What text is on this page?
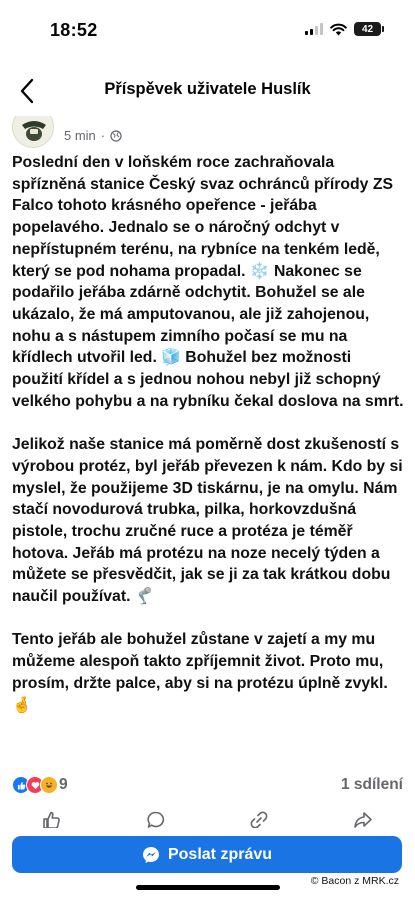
18:52	42
Příspěvek uživatele Huslík
5 min ·

Poslední den v loňském roce zachraňovala spřízněná stanice Český svaz ochránců přírody ZS Falco tohoto krásného opeřence - jeřába popelavého. Jednalo se o náročný odchyt v nepřístupném terénu, na rybníce na tenkém ledě, který se pod nohama propadal. ❄️ Nakonec se podařilo jeřába zdárně odchytit. Bohužel se ale ukázalo, že má amputovanou, ale již zahojenou, nohu a s nástupem zimního počasí se mu na křídlech utvořil led. 🧊 Bohužel bez možnosti použití křídel a s jednou nohou nebyl již schopný velkého pohybu a na rybníku čekal doslova na smrt.

Jelikož naše stanice má poměrně dost zkušeností s výrobou protéz, byl jeřáb převezen k nám. Kdo by si myslel, že použijeme 3D tiskárnu, je na omylu. Nám stačí novodurová trubka, pilka, horkovzdušná pistole, trochu zručné ruce a protéza je téměř hotova. Jeřáb má protézu na noze necelý týden a můžete se přesvědčit, jak se ji za tak krátkou dobu naučil používat. 🦿

Tento jeřáb ale bohužel zůstane v zajetí a my mu můžeme alespoň takto zpříjemnit život. Proto mu, prosím, držte palce, aby si na protézu úplně zvykl. 🤞

9	1 sdílení
Poslat zprávu
© Bacon z MRK.cz
